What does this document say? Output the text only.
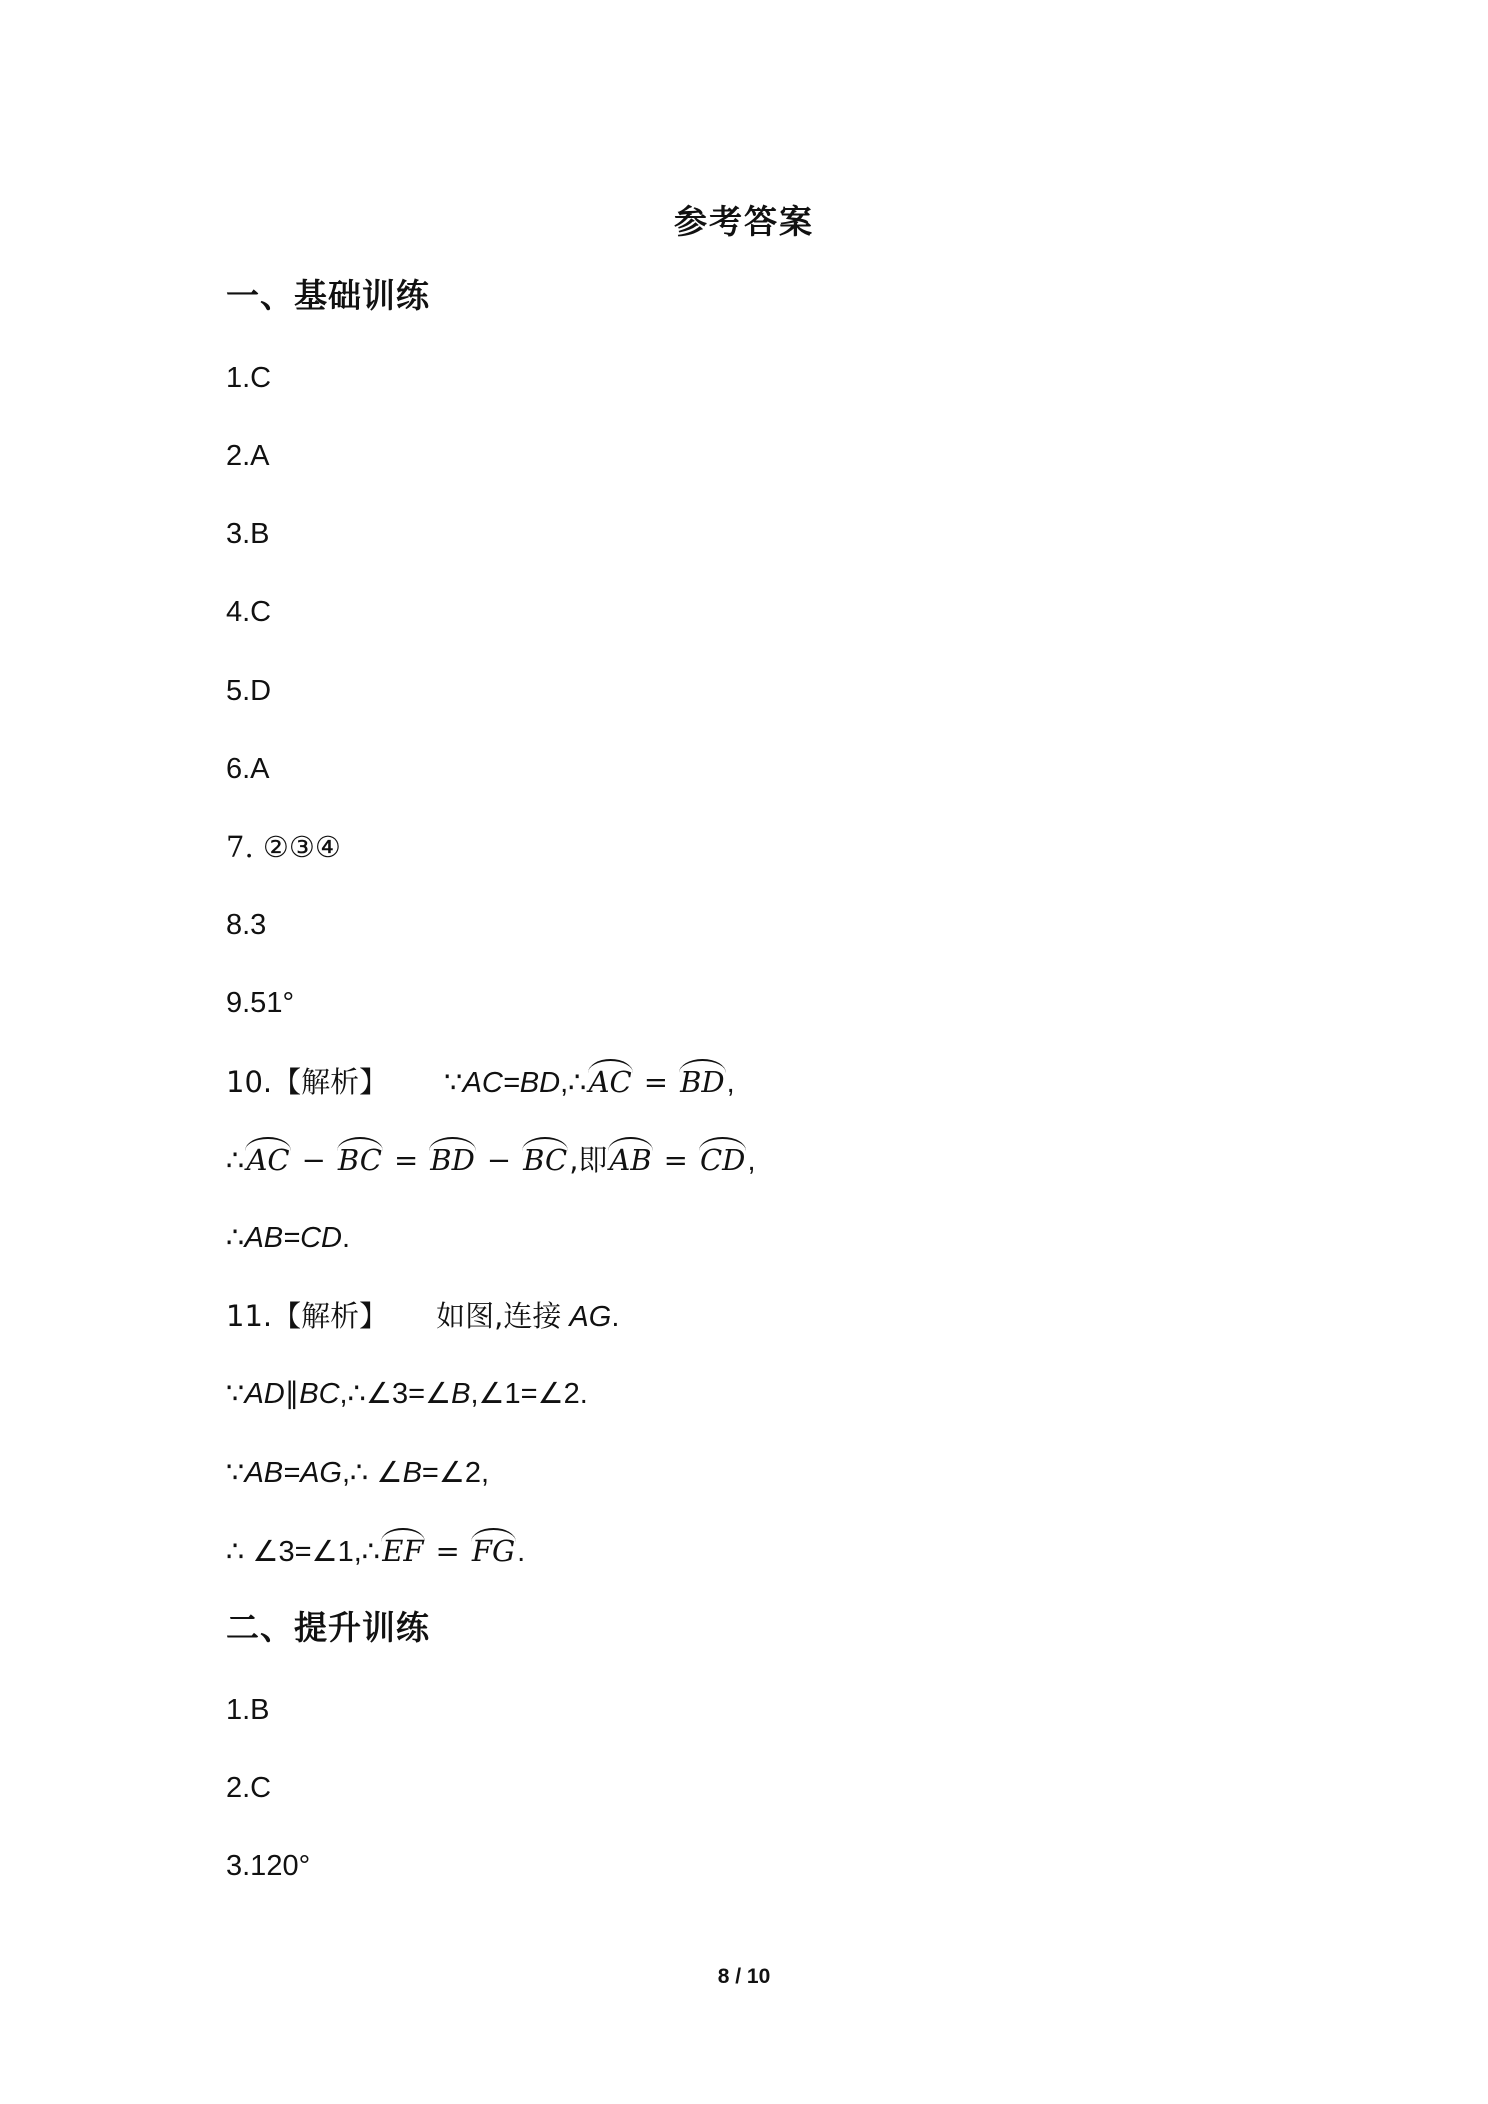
参考答案
一、基础训练
1.C
2.A
3.B
4.C
5.D
6.A
7. ②③④
8.3
9.51°
10.【解析】 ∵AC=BD,∴AC = BD,
∴AC − BC = BD − BC,即AB = CD,
∴AB=CD.
11.【解析】 如图,连接 AG.
∵AD∥BC,∴∠3=∠B,∠1=∠2.
∵AB=AG,∴ ∠B=∠2,
∴ ∠3=∠1,∴EF = FG.
二、提升训练
1.B
2.C
3.120°
8 / 10
